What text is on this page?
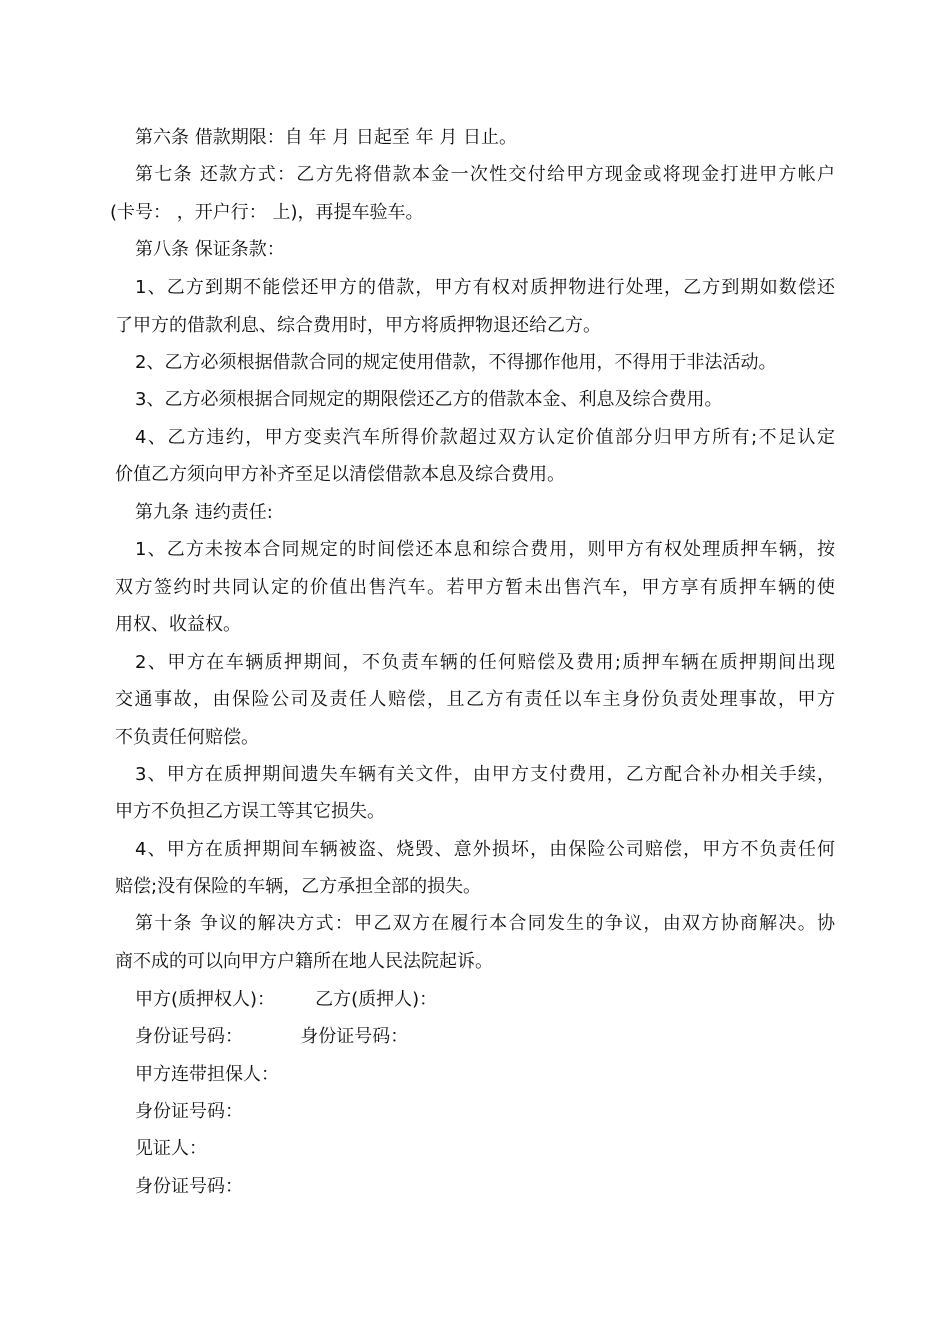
第六条 借款期限：自 年 月 日起至 年 月 日止。
第七条 还款方式：乙方先将借款本金一次性交付给甲方现金或将现金打进甲方帐户
(卡号： ，开户行： 上)，再提车验车。
第八条 保证条款：
1、乙方到期不能偿还甲方的借款，甲方有权对质押物进行处理，乙方到期如数偿还
了甲方的借款利息、综合费用时，甲方将质押物退还给乙方。
2、乙方必须根据借款合同的规定使用借款，不得挪作他用，不得用于非法活动。
3、乙方必须根据合同规定的期限偿还乙方的借款本金、利息及综合费用。
4、乙方违约，甲方变卖汽车所得价款超过双方认定价值部分归甲方所有;不足认定
价值乙方须向甲方补齐至足以清偿借款本息及综合费用。
第九条 违约责任:
1、乙方未按本合同规定的时间偿还本息和综合费用，则甲方有权处理质押车辆，按
双方签约时共同认定的价值出售汽车。若甲方暂未出售汽车，甲方享有质押车辆的使
用权、收益权。
2、甲方在车辆质押期间，不负责车辆的任何赔偿及费用;质押车辆在质押期间出现
交通事故，由保险公司及责任人赔偿，且乙方有责任以车主身份负责处理事故，甲方
不负责任何赔偿。
3、甲方在质押期间遗失车辆有关文件，由甲方支付费用，乙方配合补办相关手续，
甲方不负担乙方误工等其它损失。
4、甲方在质押期间车辆被盗、烧毁、意外损坏，由保险公司赔偿，甲方不负责任何
赔偿;没有保险的车辆，乙方承担全部的损失。
第十条 争议的解决方式：甲乙双方在履行本合同发生的争议，由双方协商解决。协
商不成的可以向甲方户籍所在地人民法院起诉。
甲方(质押权人)：       乙方(质押人)：
身份证号码：          身份证号码：
甲方连带担保人：
身份证号码：
见证人：
身份证号码：
